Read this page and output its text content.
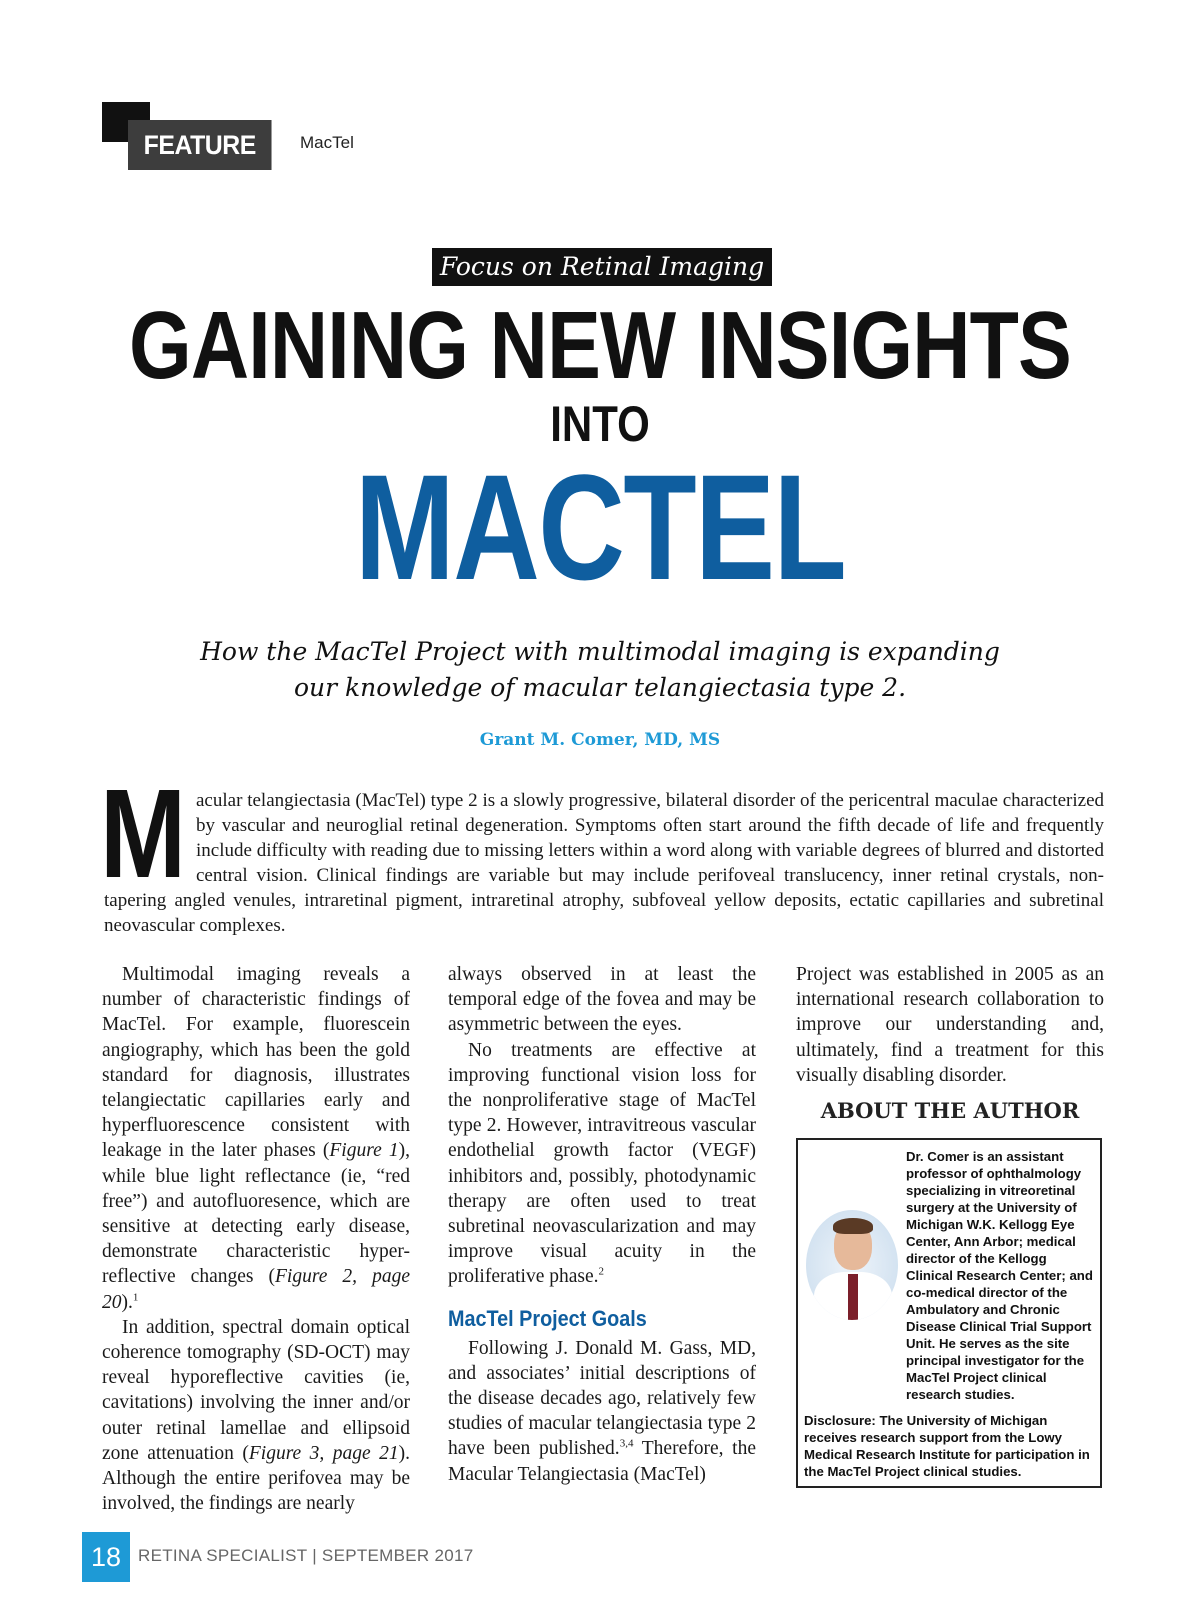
FEATURE	MacTel
Focus on Retinal Imaging
GAINING NEW INSIGHTS
INTO
MACTEL
How the MacTel Project with multimodal imaging is expanding
our knowledge of macular telangiectasia type 2.
Grant M. Comer, MD, MS
M acular telangiectasia (MacTel) type 2 is a slowly progressive, bilateral disorder of the pericentral maculae characterized by vascular and neuroglial retinal degeneration. Symptoms often start around the fifth decade of life and frequently include difficulty with reading due to missing letters within a word along with variable degrees of blurred and distorted central vision. Clinical findings are variable but may include perifoveal translucency, inner retinal crystals, non-tapering angled venules, intraretinal pigment, intraretinal atrophy, subfoveal yellow deposits, ectatic capillaries and subretinal neovascular complexes.

Multimodal imaging reveals a number of characteristic findings of MacTel. For example, fluorescein angiography, which has been the gold standard for diagnosis, illustrates telangiectatic capillaries early and hyperfluorescence consistent with leakage in the later phases (Figure 1), while blue light reflectance (ie, “red free”) and autofluoresence, which are sensitive at detecting early disease, demonstrate characteristic hyper-reflective changes (Figure 2, page 20).$^1$

In addition, spectral domain optical coherence tomography (SD-OCT) may reveal hyporeflective cavities (ie, cavitations) involving the inner and/or outer retinal lamellae and ellipsoid zone attenuation (Figure 3, page 21). Although the entire perifovea may be involved, the findings are nearly

always observed in at least the temporal edge of the fovea and may be asymmetric between the eyes.

No treatments are effective at improving functional vision loss for the nonproliferative stage of MacTel type 2. However, intravitreous vascular endothelial growth factor (VEGF) inhibitors and, possibly, photodynamic therapy are often used to treat subretinal neovascularization and may improve visual acuity in the proliferative phase.$^2$

MacTel Project Goals

Following J. Donald M. Gass, MD, and associates’ initial descriptions of the disease decades ago, relatively few studies of macular telangiectasia type 2 have been published.$^{3,4}$ Therefore, the Macular Telangiectasia (MacTel)

Project was established in 2005 as an international research collaboration to improve our understanding and, ultimately, find a treatment for this visually disabling disorder.

ABOUT THE AUTHOR
Dr. Comer is an assistant professor of ophthalmology specializing in vitreoretinal surgery at the University of Michigan W.K. Kellogg Eye Center, Ann Arbor; medical director of the Kellogg Clinical Research Center; and co-medical director of the Ambulatory and Chronic Disease Clinical Trial Support Unit. He serves as the site principal investigator for the MacTel Project clinical research studies.
Disclosure: The University of Michigan receives research support from the Lowy Medical Research Institute for participation in the MacTel Project clinical studies.
18 RETINA SPECIALIST | SEPTEMBER 2017
